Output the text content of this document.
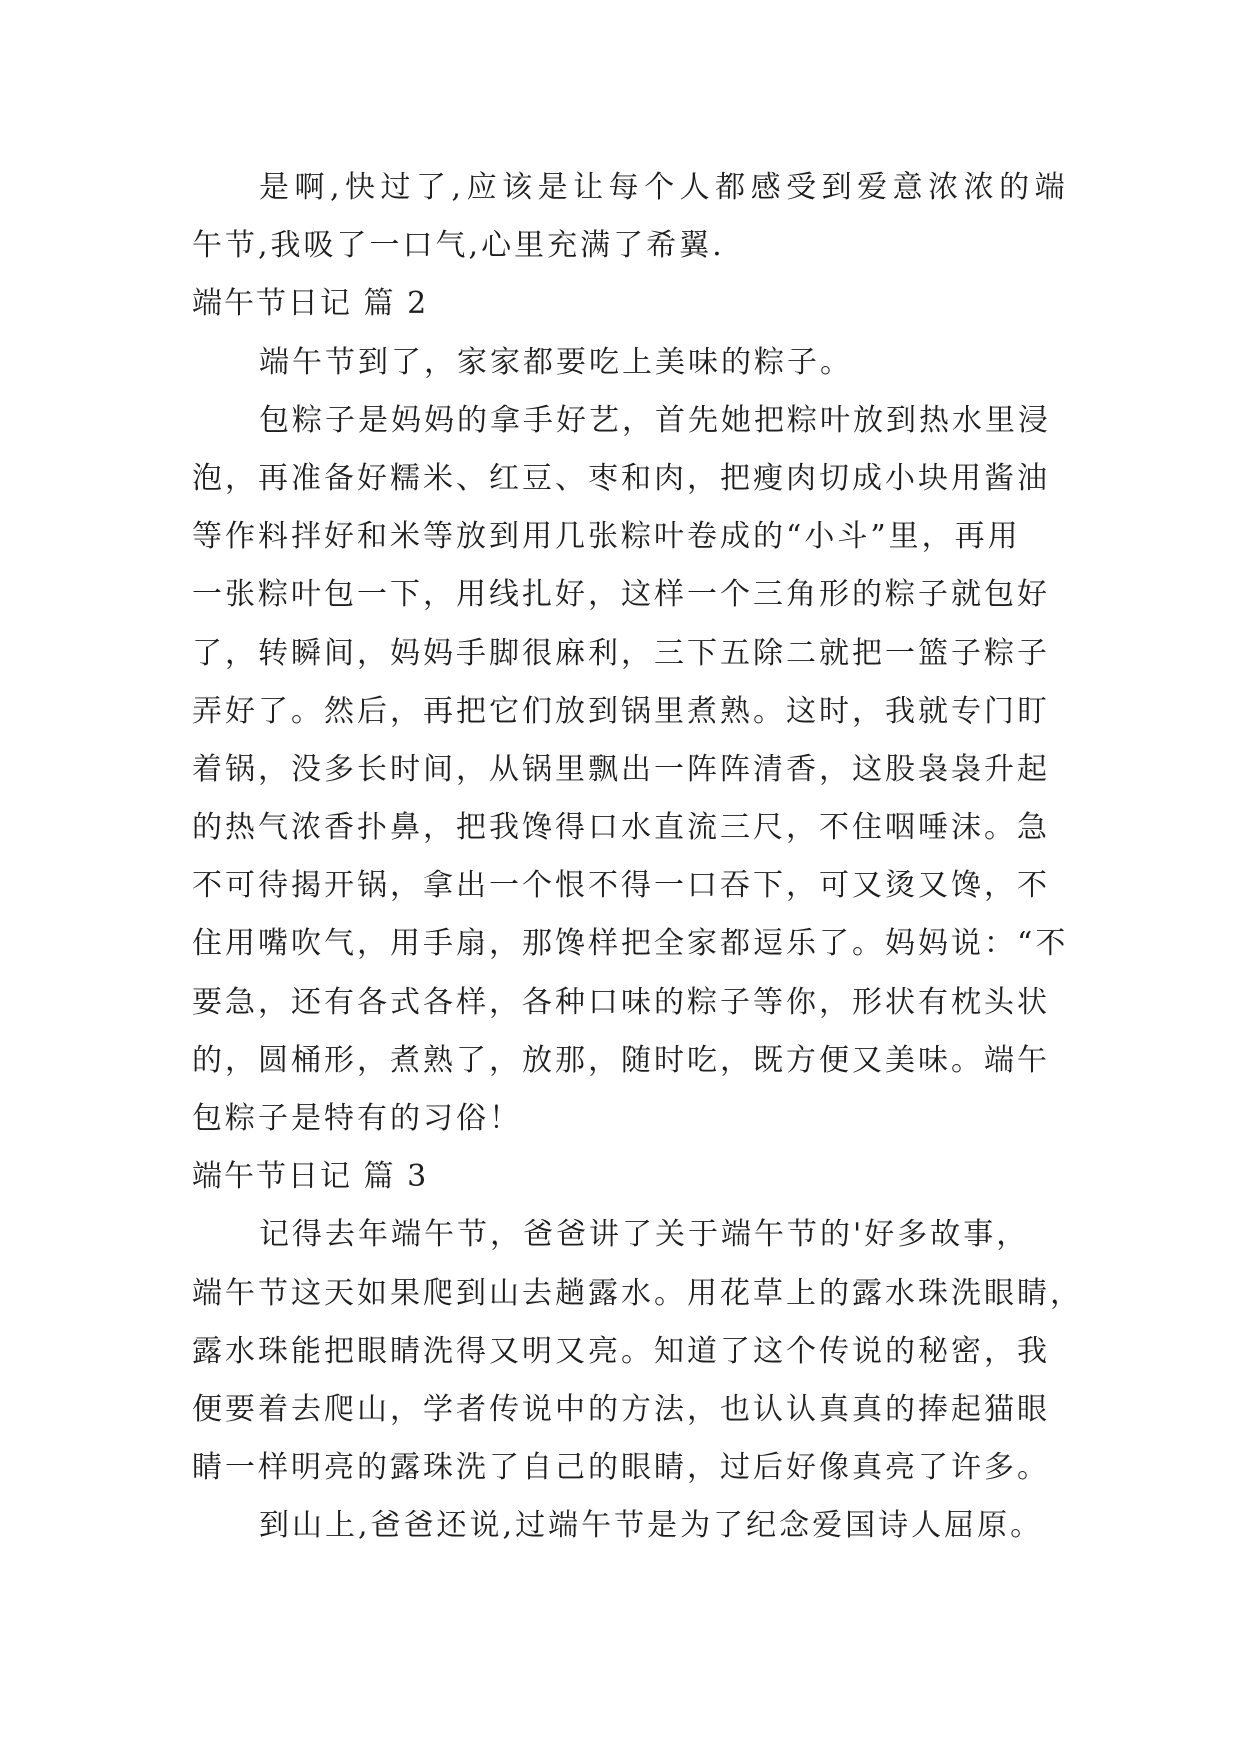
是啊,快过了,应该是让每个人都感受到爱意浓浓的端
午节,我吸了一口气,心里充满了希翼.

端午节日记 篇 2

端午节到了，家家都要吃上美味的粽子。

包粽子是妈妈的拿手好艺，首先她把粽叶放到热水里浸
泡，再准备好糯米、红豆、枣和肉，把瘦肉切成小块用酱油
等作料拌好和米等放到用几张粽叶卷成的“小斗”里，再用
一张粽叶包一下，用线扎好，这样一个三角形的粽子就包好
了，转瞬间，妈妈手脚很麻利，三下五除二就把一篮子粽子
弄好了。然后，再把它们放到锅里煮熟。这时，我就专门盯
着锅，没多长时间，从锅里飘出一阵阵清香，这股袅袅升起
的热气浓香扑鼻，把我馋得口水直流三尺，不住咽唾沫。急
不可待揭开锅，拿出一个恨不得一口吞下，可又烫又馋，不
住用嘴吹气，用手扇，那馋样把全家都逗乐了。妈妈说：“不
要急，还有各式各样，各种口味的粽子等你，形状有枕头状
的，圆桶形，煮熟了，放那，随时吃，既方便又美味。端午
包粽子是特有的习俗！

端午节日记 篇 3

记得去年端午节，爸爸讲了关于端午节的'好多故事，
端午节这天如果爬到山去趟露水。用花草上的露水珠洗眼睛，
露水珠能把眼睛洗得又明又亮。知道了这个传说的秘密，我
便要着去爬山，学者传说中的方法，也认认真真的捧起猫眼
睛一样明亮的露珠洗了自己的眼睛，过后好像真亮了许多。

到山上,爸爸还说,过端午节是为了纪念爱国诗人屈原。
